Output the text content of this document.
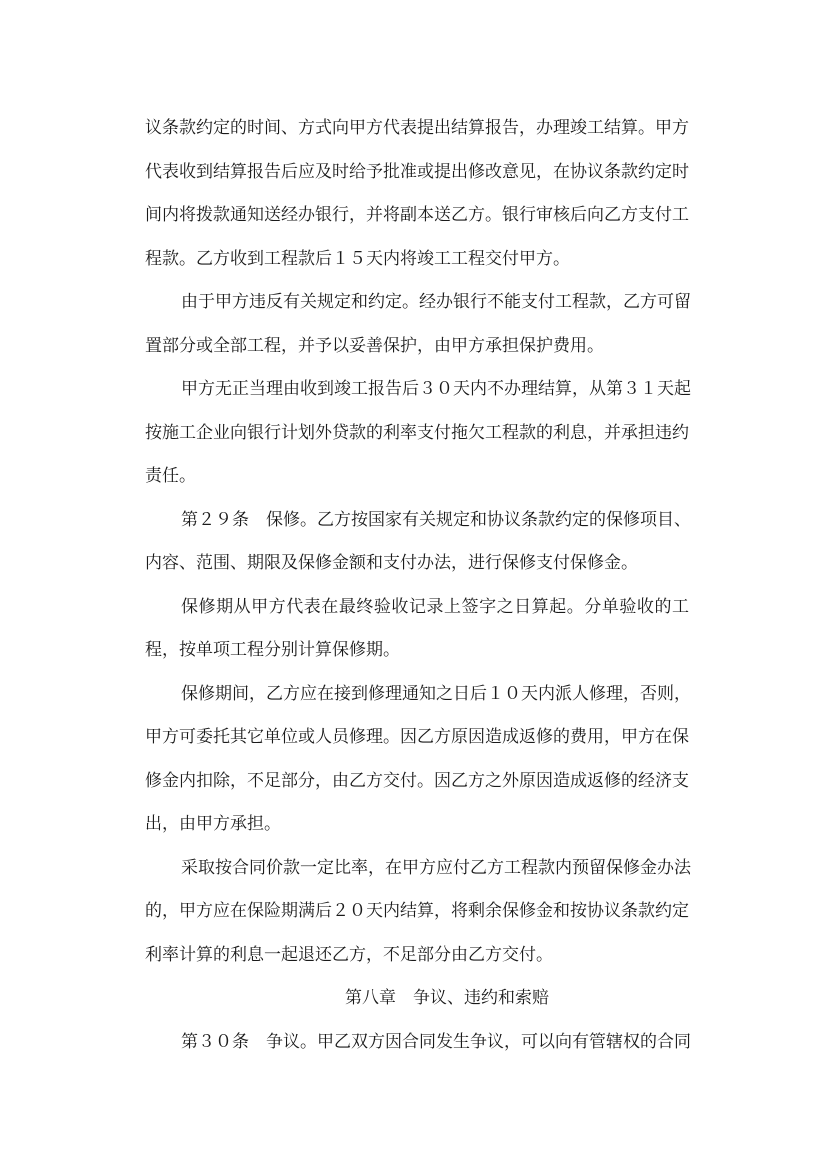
议条款约定的时间、方式向甲方代表提出结算报告，办理竣工结算。甲方
代表收到结算报告后应及时给予批准或提出修改意见，在协议条款约定时
间内将拨款通知送经办银行，并将副本送乙方。银行审核后向乙方支付工
程款。乙方收到工程款后１５天内将竣工工程交付甲方。
由于甲方违反有关规定和约定。经办银行不能支付工程款，乙方可留
置部分或全部工程，并予以妥善保护，由甲方承担保护费用。
甲方无正当理由收到竣工报告后３０天内不办理结算，从第３１天起
按施工企业向银行计划外贷款的利率支付拖欠工程款的利息，并承担违约
责任。
第２９条　保修。乙方按国家有关规定和协议条款约定的保修项目、
内容、范围、期限及保修金额和支付办法，进行保修支付保修金。
保修期从甲方代表在最终验收记录上签字之日算起。分单验收的工
程，按单项工程分别计算保修期。
保修期间，乙方应在接到修理通知之日后１０天内派人修理，否则，
甲方可委托其它单位或人员修理。因乙方原因造成返修的费用，甲方在保
修金内扣除，不足部分，由乙方交付。因乙方之外原因造成返修的经济支
出，由甲方承担。
采取按合同价款一定比率，在甲方应付乙方工程款内预留保修金办法
的，甲方应在保险期满后２０天内结算，将剩余保修金和按协议条款约定
利率计算的利息一起退还乙方，不足部分由乙方交付。
第八章　争议、违约和索赔
第３０条　争议。甲乙双方因合同发生争议，可以向有管辖权的合同
